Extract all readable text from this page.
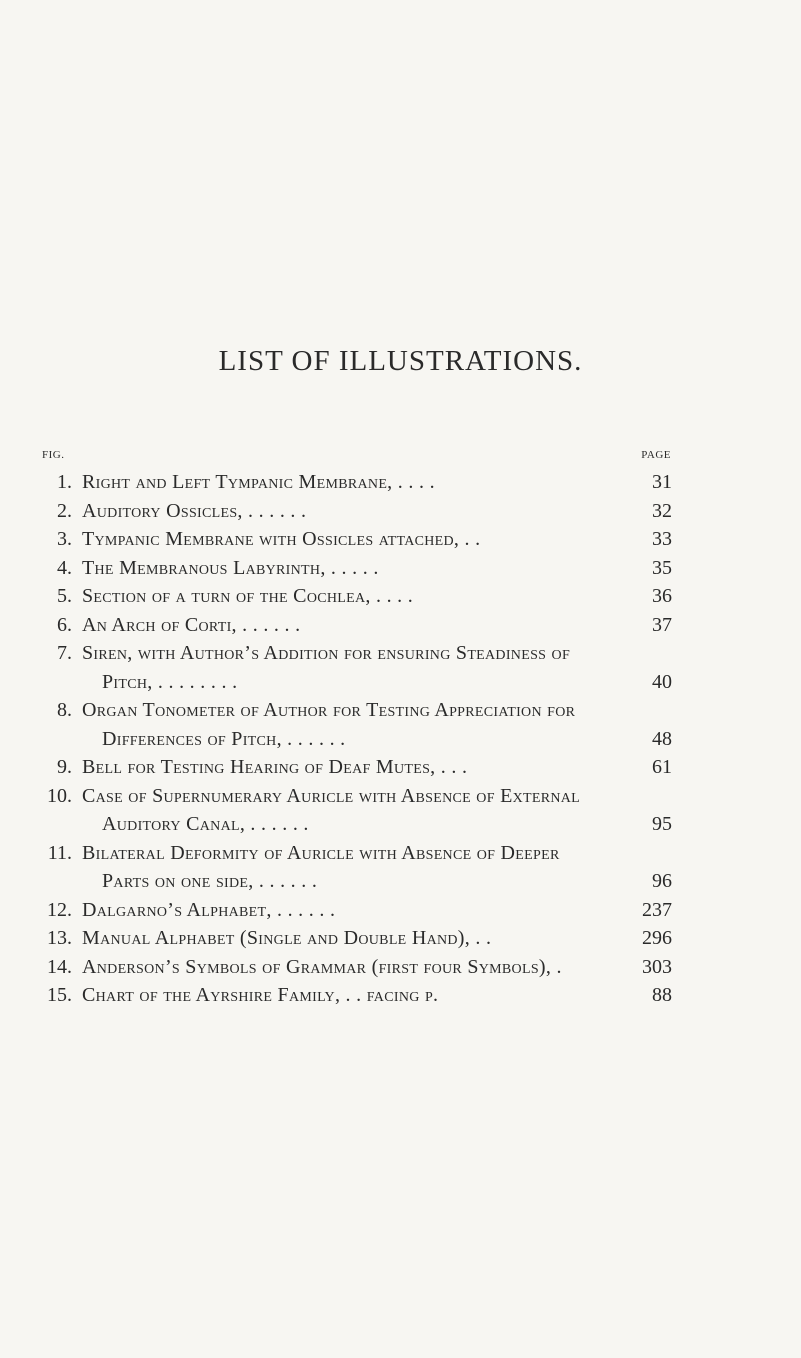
LIST OF ILLUSTRATIONS.
FIG.	PAGE
1. Right and Left Tympanic Membrane, . . . .	31
2. Auditory Ossicles, . . . . . .	32
3. Tympanic Membrane with Ossicles attached, . .	33
4. The Membranous Labyrinth, . . . . .	35
5. Section of a turn of the Cochlea, . . . .	36
6. An Arch of Corti, . . . . . .	37
7. Siren, with Author’s Addition for ensuring Steadiness of
Pitch, . . . . . . . .	40
8. Organ Tonometer of Author for Testing Appreciation for
Differences of Pitch, . . . . . .	48
9. Bell for Testing Hearing of Deaf Mutes, . . .	61
10. Case of Supernumerary Auricle with Absence of External
Auditory Canal, . . . . . .	95
11. Bilateral Deformity of Auricle with Absence of Deeper
Parts on one side, . . . . . .	96
12. Dalgarno’s Alphabet, . . . . . .	237
13. Manual Alphabet (Single and Double Hand), . .	296
14. Anderson’s Symbols of Grammar (first four Symbols), .	303
15. Chart of the Ayrshire Family, . . facing p.	88
